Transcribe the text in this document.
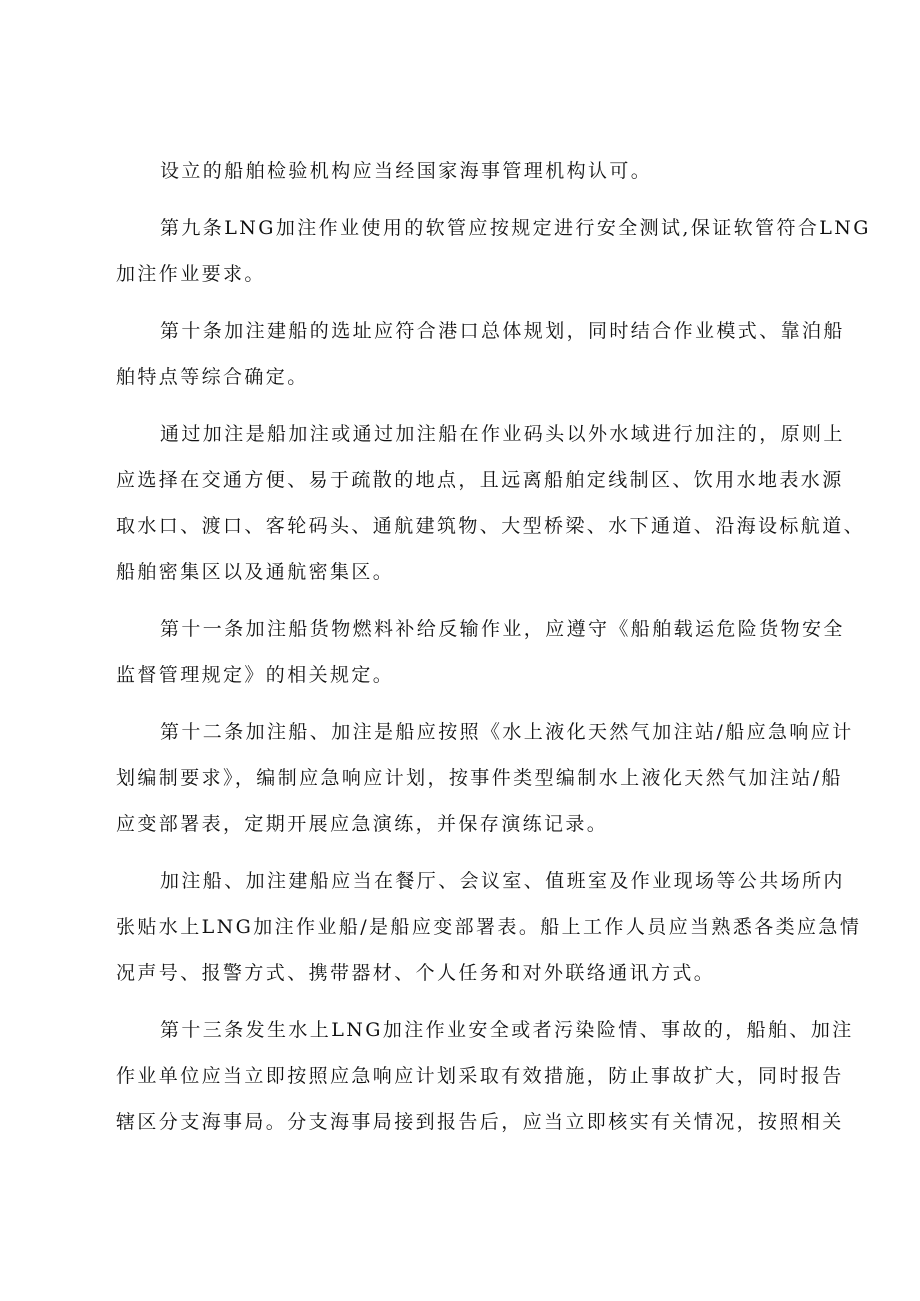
设立的船舶检验机构应当经国家海事管理机构认可。
第九条LNG加注作业使用的软管应按规定进行安全测试,保证软管符合LNG
加注作业要求。
第十条加注建船的选址应符合港口总体规划，同时结合作业模式、靠泊船
舶特点等综合确定。
通过加注是船加注或通过加注船在作业码头以外水域进行加注的，原则上
应选择在交通方便、易于疏散的地点，且远离船舶定线制区、饮用水地表水源
取水口、渡口、客轮码头、通航建筑物、大型桥梁、水下通道、沿海设标航道、
船舶密集区以及通航密集区。
第十一条加注船货物燃料补给反输作业，应遵守《船舶载运危险货物安全
监督管理规定》的相关规定。
第十二条加注船、加注是船应按照《水上液化天然气加注站/船应急响应计
划编制要求》，编制应急响应计划，按事件类型编制水上液化天然气加注站/船
应变部署表，定期开展应急演练，并保存演练记录。
加注船、加注建船应当在餐厅、会议室、值班室及作业现场等公共场所内
张贴水上LNG加注作业船/是船应变部署表。船上工作人员应当熟悉各类应急情
况声号、报警方式、携带器材、个人任务和对外联络通讯方式。
第十三条发生水上LNG加注作业安全或者污染险情、事故的，船舶、加注
作业单位应当立即按照应急响应计划采取有效措施，防止事故扩大，同时报告
辖区分支海事局。分支海事局接到报告后，应当立即核实有关情况，按照相关
